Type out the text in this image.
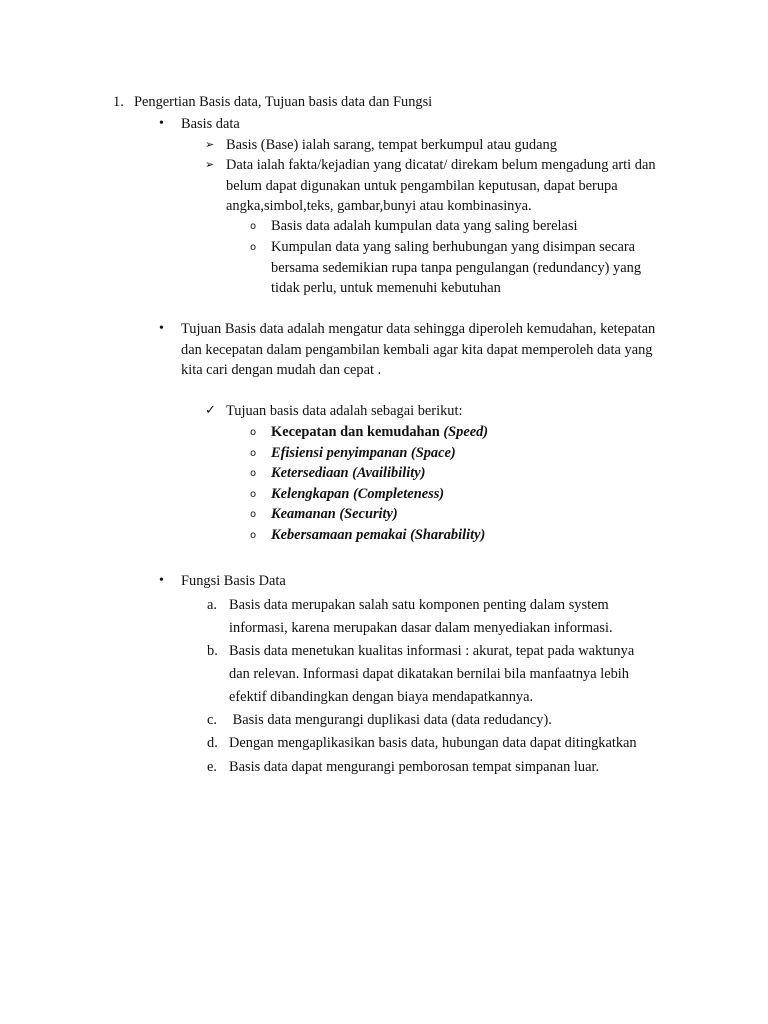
1. Pengertian Basis data, Tujuan basis data dan Fungsi
• Basis data
➢ Basis (Base) ialah sarang, tempat berkumpul atau gudang
➢ Data ialah fakta/kejadian yang dicatat/ direkam belum mengadung arti dan
belum dapat digunakan untuk pengambilan keputusan, dapat berupa
angka,simbol,teks, gambar,bunyi atau kombinasinya.
o Basis data adalah kumpulan data yang saling berelasi
o Kumpulan data yang saling berhubungan yang disimpan secara
bersama sedemikian rupa tanpa pengulangan (redundancy) yang
tidak perlu, untuk memenuhi kebutuhan
• Tujuan Basis data adalah mengatur data sehingga diperoleh kemudahan, ketepatan
dan kecepatan dalam pengambilan kembali agar kita dapat memperoleh data yang
kita cari dengan mudah dan cepat .
✓ Tujuan basis data adalah sebagai berikut:
o Kecepatan dan kemudahan (Speed)
o Efisiensi penyimpanan (Space)
o Ketersediaan (Availibility)
o Kelengkapan (Completeness)
o Keamanan (Security)
o Kebersamaan pemakai (Sharability)
• Fungsi Basis Data
a. Basis data merupakan salah satu komponen penting dalam system
informasi, karena merupakan dasar dalam menyediakan informasi.
b. Basis data menetukan kualitas informasi : akurat, tepat pada waktunya
dan relevan. Informasi dapat dikatakan bernilai bila manfaatnya lebih
efektif dibandingkan dengan biaya mendapatkannya.
c. Basis data mengurangi duplikasi data (data redudancy).
d. Dengan mengaplikasikan basis data, hubungan data dapat ditingkatkan
e. Basis data dapat mengurangi pemborosan tempat simpanan luar.
